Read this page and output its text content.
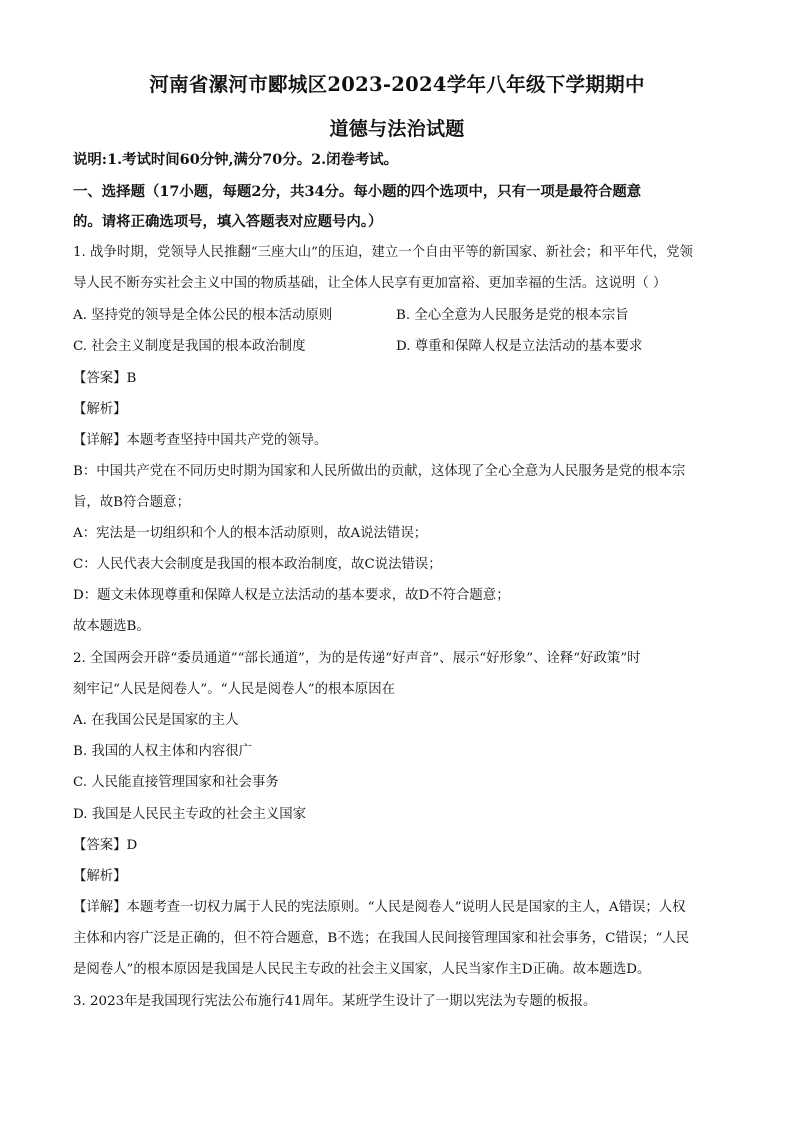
河南省漯河市郾城区2023-2024学年八年级下学期期中
道德与法治试题
说明:1.考试时间60分钟,满分70分。2.闭卷考试。
一、选择题（17小题，每题2分，共34分。每小题的四个选项中，只有一项是最符合题意
的。请将正确选项号，填入答题表对应题号内。）
1. 战争时期，党领导人民推翻“三座大山”的压迫，建立一个自由平等的新国家、新社会；和平年代，党领
导人民不断夯实社会主义中国的物质基础，让全体人民享有更加富裕、更加幸福的生活。这说明（ ）
A. 坚持党的领导是全体公民的根本活动原则	B. 全心全意为人民服务是党的根本宗旨
C. 社会主义制度是我国的根本政治制度	D. 尊重和保障人权是立法活动的基本要求
【答案】B
【解析】
【详解】本题考查坚持中国共产党的领导。
B：中国共产党在不同历史时期为国家和人民所做出的贡献，这体现了全心全意为人民服务是党的根本宗
旨，故B符合题意；
A：宪法是一切组织和个人的根本活动原则，故A说法错误；
C：人民代表大会制度是我国的根本政治制度，故C说法错误；
D：题文未体现尊重和保障人权是立法活动的基本要求，故D不符合题意；
故本题选B。
2. 全国两会开辟“委员通道”“部长通道”，为的是传递“好声音”、展示“好形象”、诠释“好政策”时
刻牢记“人民是阅卷人”。“人民是阅卷人”的根本原因在
A. 在我国公民是国家的主人
B. 我国的人权主体和内容很广
C. 人民能直接管理国家和社会事务
D. 我国是人民民主专政的社会主义国家
【答案】D
【解析】
【详解】本题考查一切权力属于人民的宪法原则。“人民是阅卷人”说明人民是国家的主人，A错误；人权
主体和内容广泛是正确的，但不符合题意，B不选；在我国人民间接管理国家和社会事务，C错误；“人民
是阅卷人”的根本原因是我国是人民民主专政的社会主义国家，人民当家作主D正确。故本题选D。
3. 2023年是我国现行宪法公布施行41周年。某班学生设计了一期以宪法为专题的板报。
